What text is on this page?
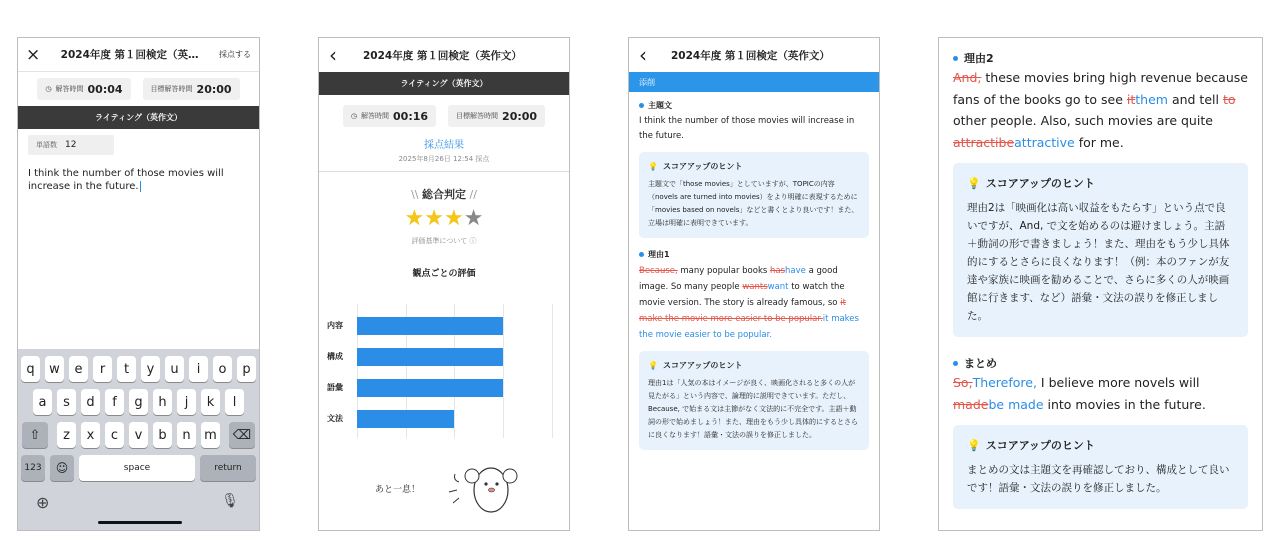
× 2024年度 第１回検定（英…	採点する
◷ 解答時間 00:04	目標解答時間 20:00
ライティング（英作文）
単語数 12
I think the number of those movies will increase in the future.
q	w	e	r	t	y	u	i	o	p
a	s	d	f	g	h	j	k	l
⇧	z	x	c	v	b	n	m ⌫
123	☺	space	return
⊕	🎙
‹ 2024年度 第１回検定（英作文）
ライティング（英作文）
◷ 解答時間 00:16	目標解答時間 20:00
採点結果
2025年8月26日 12:54 採点
\\ 総合判定 //
★★★★
評価基準について ⓘ
観点ごとの評価
内容
構成
語彙
文法
あと一息！
‹ 2024年度 第１回検定（英作文）
添削
主題文
I think the number of those movies will increase in the future.
💡 スコアアップのヒント
主題文で「those movies」としていますが、TOPICの内容（novels are turned into movies）をより明確に表現するために「movies based on novels」などと書くとより良いです！また、立場は明確に表明できています。
理由1
Because, many popular books hashave a good image. So many people wantswant to watch the movie version. The story is already famous, so it make the movie more easier to be popular.it makes the movie easier to be popular.
💡 スコアアップのヒント
理由1は「人気の本はイメージが良く、映画化されると多くの人が見たがる」という内容で、論理的に説明できています。ただし、Because, で始まる文は主節がなく文法的に不完全です。主語＋動詞の形で始めましょう！また、理由をもう少し具体的にするとさらに良くなります！語彙・文法の誤りを修正しました。
理由2
And, these movies bring high revenue because fans of the books go to see itthem and tell to other people. Also, such movies are quite attractibeattractive for me.
💡 スコアアップのヒント
理由2は「映画化は高い収益をもたらす」という点で良いですが、And, で文を始めるのは避けましょう。主語＋動詞の形で書きましょう！また、理由をもう少し具体的にするとさらに良くなります！（例：本のファンが友達や家族に映画を勧めることで、さらに多くの人が映画館に行きます、など）語彙・文法の誤りを修正しました。
まとめ
So,Therefore, I believe more novels will madebe made into movies in the future.
💡 スコアアップのヒント
まとめの文は主題文を再確認しており、構成として良いです！語彙・文法の誤りを修正しました。
